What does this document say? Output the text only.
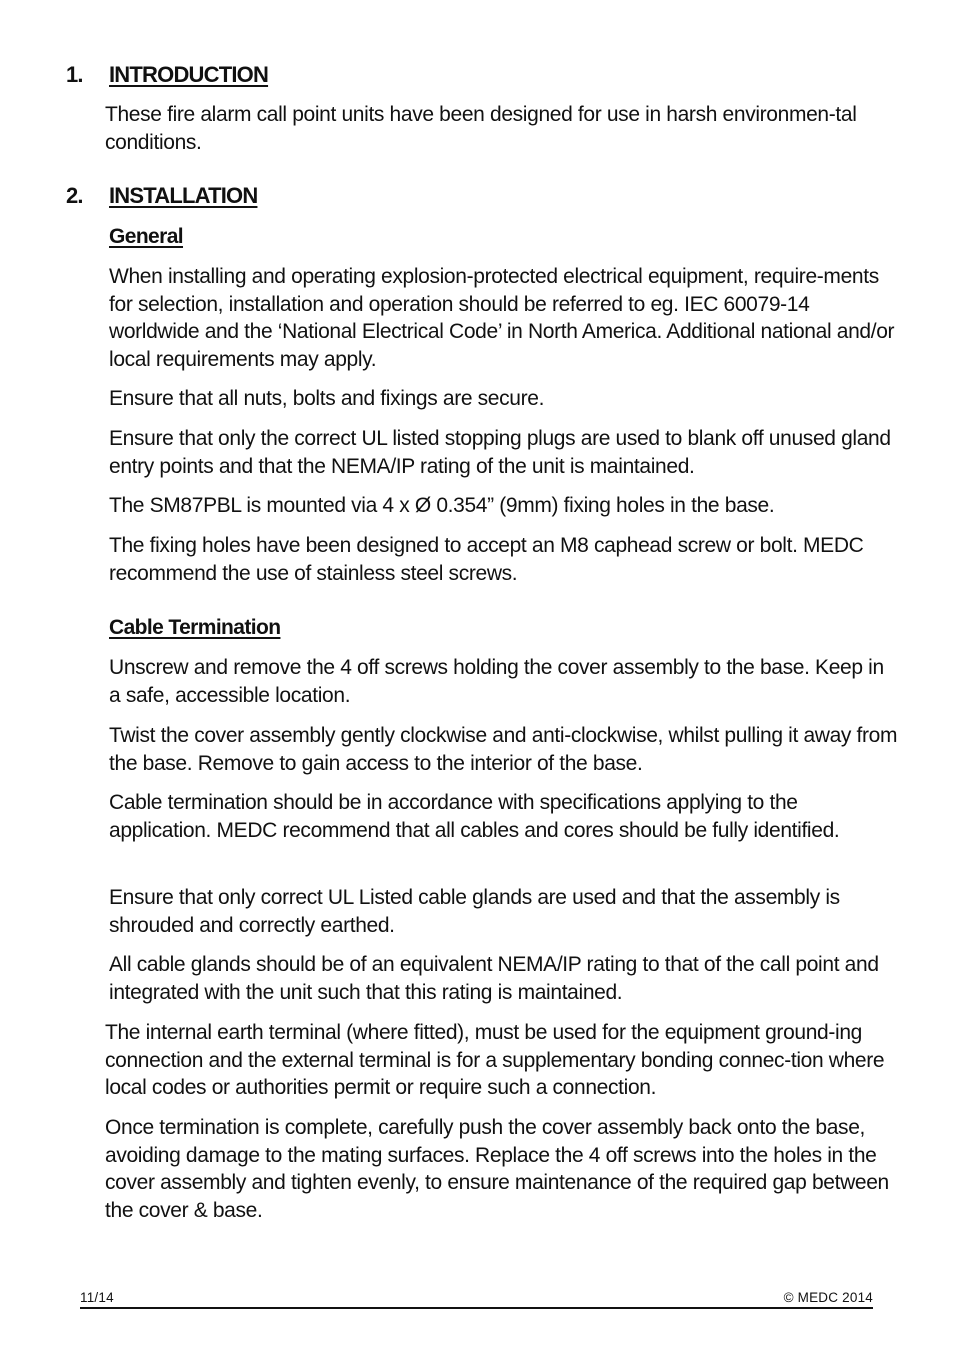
1. INTRODUCTION

These fire alarm call point units have been designed for use in harsh environmen-tal conditions.

2. INSTALLATION
General

When installing and operating explosion-protected electrical equipment, require-ments for selection, installation and operation should be referred to eg. IEC 60079-14 worldwide and the ‘National Electrical Code’ in North America. Additional national and/or local requirements may apply.

Ensure that all nuts, bolts and fixings are secure.

Ensure that only the correct UL listed stopping plugs are used to blank off unused gland entry points and that the NEMA/IP rating of the unit is maintained.

The SM87PBL is mounted via 4 x Ø 0.354” (9mm) fixing holes in the base.

The fixing holes have been designed to accept an M8 caphead screw or bolt. MEDC recommend the use of stainless steel screws.

Cable Termination

Unscrew and remove the 4 off screws holding the cover assembly to the base. Keep in a safe, accessible location.

Twist the cover assembly gently clockwise and anti-clockwise, whilst pulling it away from the base. Remove to gain access to the interior of the base.

Cable termination should be in accordance with specifications applying to the application. MEDC recommend that all cables and cores should be fully identified.

Ensure that only correct UL Listed cable glands are used and that the assembly is shrouded and correctly earthed.

All cable glands should be of an equivalent NEMA/IP rating to that of the call point and integrated with the unit such that this rating is maintained.

The internal earth terminal (where fitted), must be used for the equipment ground-ing connection and the external terminal is for a supplementary bonding connec-tion where local codes or authorities permit or require such a connection.

Once termination is complete, carefully push the cover assembly back onto the base, avoiding damage to the mating surfaces. Replace the 4 off screws into the holes in the cover assembly and tighten evenly, to ensure maintenance of the required gap between the cover & base.

11/14	© MEDC 2014
